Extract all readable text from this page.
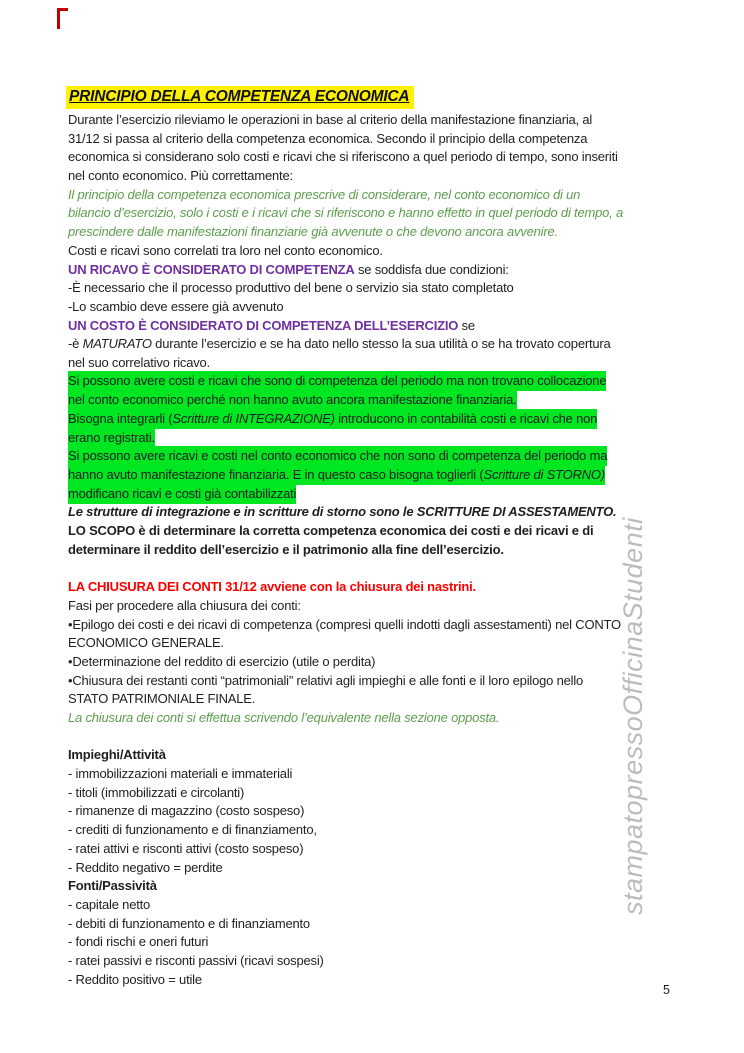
PRINCIPIO DELLA COMPETENZA ECONOMICA
Durante l’esercizio rileviamo le operazioni in base al criterio della manifestazione finanziaria, al
31/12 si passa al criterio della competenza economica. Secondo il principio della competenza
economica si considerano solo costi e ricavi che si riferiscono a quel periodo di tempo, sono inseriti
nel conto economico. Più correttamente:
Il principio della competenza economica prescrive di considerare, nel conto economico di un
bilancio d’esercizio, solo i costi e i ricavi che si riferiscono e hanno effetto in quel periodo di tempo, a
prescindere dalle manifestazioni finanziarie già avvenute o che devono ancora avvenire.
Costi e ricavi sono correlati tra loro nel conto economico.
UN RICAVO È CONSIDERATO DI COMPETENZA se soddisfa due condizioni:
-È necessario che il processo produttivo del bene o servizio sia stato completato
-Lo scambio deve essere già avvenuto
UN COSTO È CONSIDERATO DI COMPETENZA DELL’ESERCIZIO se
-è MATURATO durante l’esercizio e se ha dato nello stesso la sua utilità o se ha trovato copertura
nel suo correlativo ricavo.
Si possono avere costi e ricavi che sono di competenza del periodo ma non trovano collocazione
nel conto economico perché non hanno avuto ancora manifestazione finanziaria.
Bisogna integrarli (Scritture di INTEGRAZIONE) introducono in contabilità costi e ricavi che non
erano registrati.
Si possono avere ricavi e costi nel conto economico che non sono di competenza del periodo ma
hanno avuto manifestazione finanziaria. E in questo caso bisogna toglierli (Scritture di STORNO)
modificano ricavi e costi già contabilizzati
Le strutture di integrazione e in scritture di storno sono le SCRITTURE DI ASSESTAMENTO.
LO SCOPO è di determinare la corretta competenza economica dei costi e dei ricavi e di
determinare il reddito dell’esercizio e il patrimonio alla fine dell’esercizio.
LA CHIUSURA DEI CONTI 31/12 avviene con la chiusura dei nastrini.
Fasi per procedere alla chiusura dei conti:
•Epilogo dei costi e dei ricavi di competenza (compresi quelli indotti dagli assestamenti) nel CONTO
ECONOMICO GENERALE.
•Determinazione del reddito di esercizio (utile o perdita)
•Chiusura dei restanti conti “patrimoniali” relativi agli impieghi e alle fonti e il loro epilogo nello
STATO PATRIMONIALE FINALE.
La chiusura dei conti si effettua scrivendo l’equivalente nella sezione opposta.
Impieghi/Attività
- immobilizzazioni materiali e immateriali
- titoli (immobilizzati e circolanti)
- rimanenze di magazzino (costo sospeso)
- crediti di funzionamento e di finanziamento,
- ratei attivi e risconti attivi (costo sospeso)
- Reddito negativo = perdite
Fonti/Passività
- capitale netto
- debiti di funzionamento e di finanziamento
- fondi rischi e oneri futuri
- ratei passivi e risconti passivi (ricavi sospesi)
- Reddito positivo = utile
stampatopressoOfficinaStudenti
5
